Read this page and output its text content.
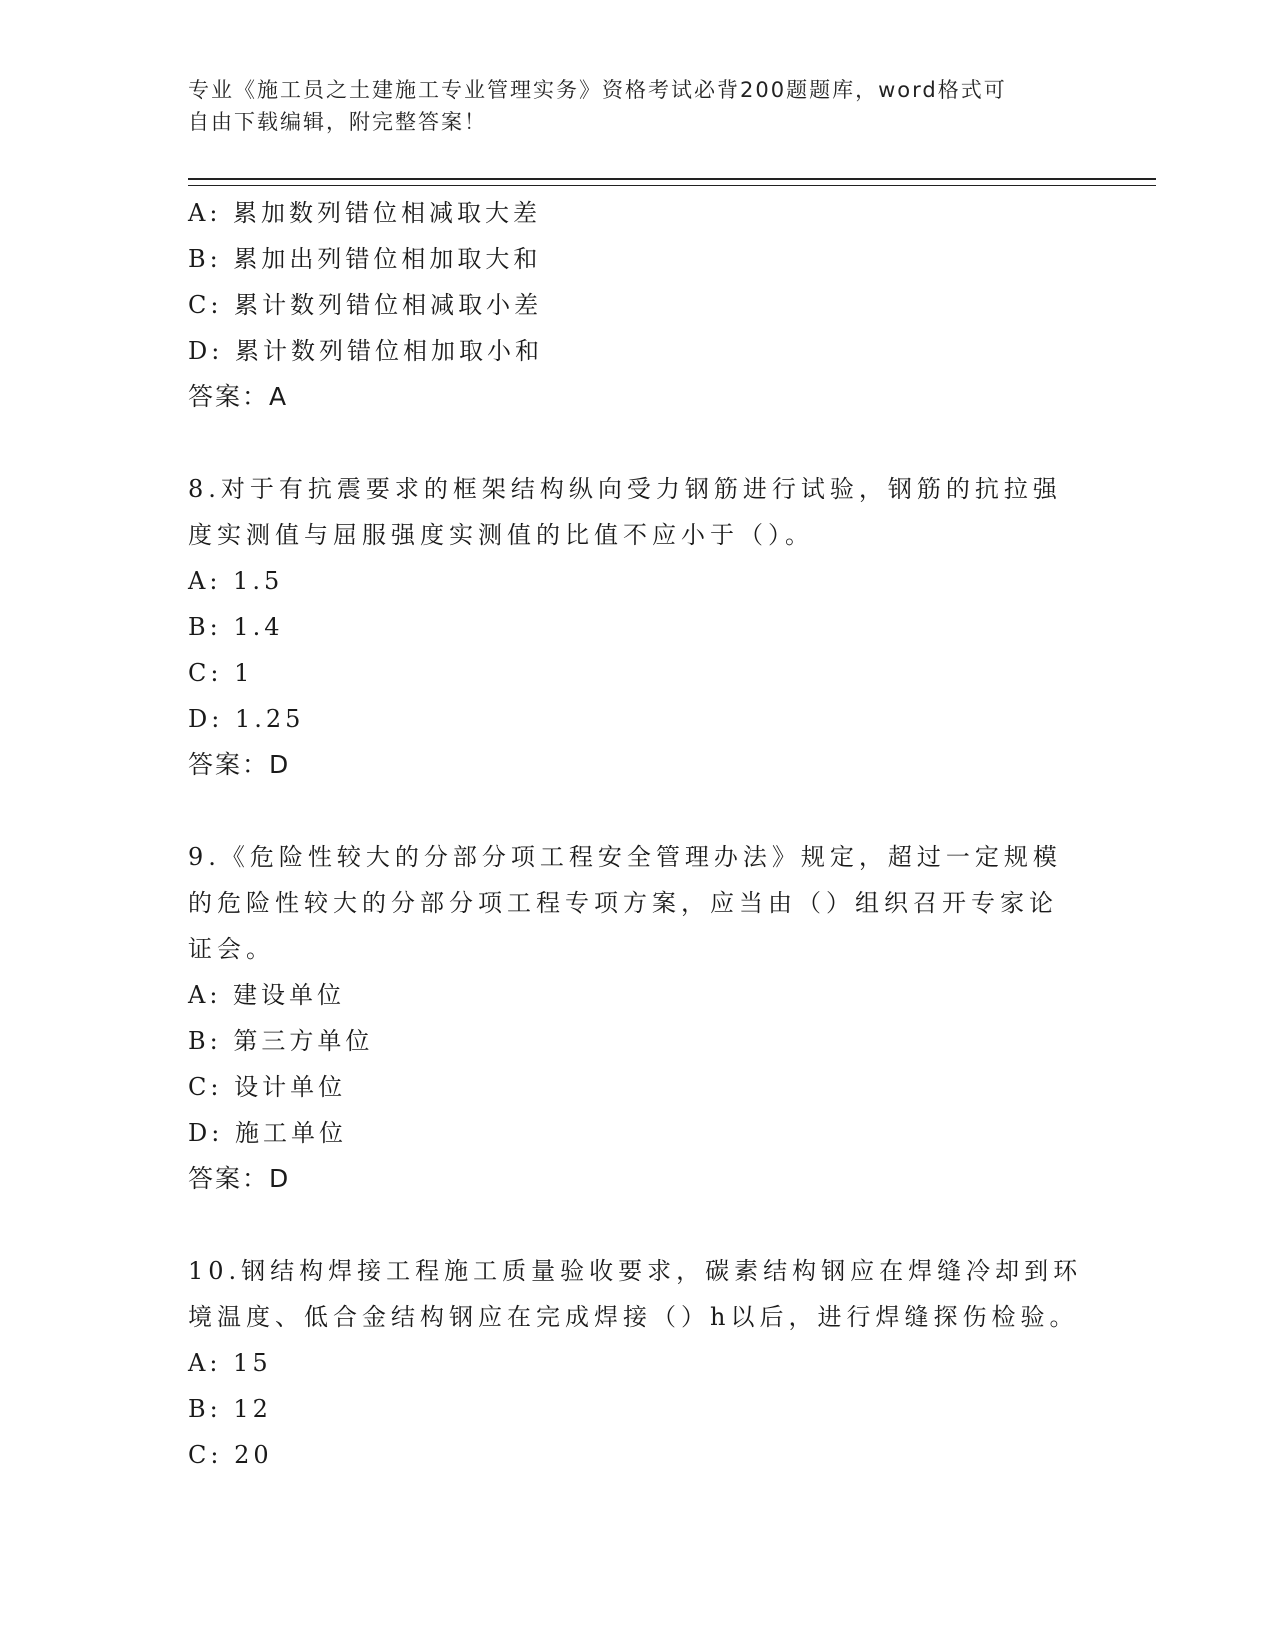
专业《施工员之土建施工专业管理实务》资格考试必背200题题库，word格式可
自由下载编辑，附完整答案！
A: 累加数列错位相减取大差
B: 累加出列错位相加取大和
C: 累计数列错位相减取小差
D: 累计数列错位相加取小和
答案：A
8.对于有抗震要求的框架结构纵向受力钢筋进行试验，钢筋的抗拉强
度实测值与屈服强度实测值的比值不应小于（）。
A: 1.5
B: 1.4
C: 1
D: 1.25
答案：D
9.《危险性较大的分部分项工程安全管理办法》规定，超过一定规模
的危险性较大的分部分项工程专项方案，应当由（）组织召开专家论
证会。
A: 建设单位
B: 第三方单位
C: 设计单位
D: 施工单位
答案：D
10.钢结构焊接工程施工质量验收要求，碳素结构钢应在焊缝冷却到环
境温度、低合金结构钢应在完成焊接（）h以后，进行焊缝探伤检验。
A: 15
B: 12
C: 20
